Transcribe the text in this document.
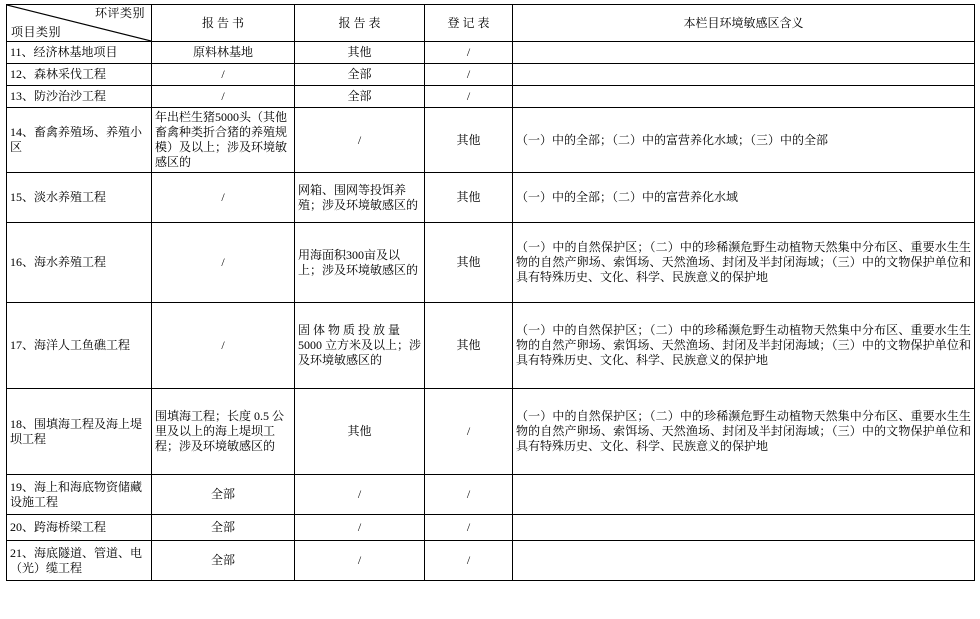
环评类别
项目类别	报 告 书	报 告 表	登 记 表	本栏目环境敏感区含义
11、经济林基地项目	原料林基地	其他	/	
12、森林采伐工程	/	全部	/	
13、防沙治沙工程	/	全部	/	
14、畜禽养殖场、养殖小区	年出栏生猪5000头（其他畜禽种类折合猪的养殖规模）及以上；涉及环境敏感区的	/	其他	（一）中的全部；（二）中的富营养化水域；（三）中的全部
15、淡水养殖工程	/	网箱、围网等投饵养殖；涉及环境敏感区的	其他	（一）中的全部；（二）中的富营养化水域
16、海水养殖工程	/	用海面积300亩及以上；涉及环境敏感区的	其他	（一）中的自然保护区；（二）中的珍稀濒危野生动植物天然集中分布区、重要水生生物的自然产卵场、索饵场、天然渔场、封闭及半封闭海域；（三）中的文物保护单位和具有特殊历史、文化、科学、民族意义的保护地
17、海洋人工鱼礁工程	/	固 体 物 质 投 放 量 5000 立方米及以上；涉及环境敏感区的	其他	（一）中的自然保护区；（二）中的珍稀濒危野生动植物天然集中分布区、重要水生生物的自然产卵场、索饵场、天然渔场、封闭及半封闭海域；（三）中的文物保护单位和具有特殊历史、文化、科学、民族意义的保护地
18、围填海工程及海上堤坝工程	围填海工程；长度 0.5 公里及以上的海上堤坝工程；涉及环境敏感区的	其他	/	（一）中的自然保护区；（二）中的珍稀濒危野生动植物天然集中分布区、重要水生生物的自然产卵场、索饵场、天然渔场、封闭及半封闭海域；（三）中的文物保护单位和具有特殊历史、文化、科学、民族意义的保护地
19、海上和海底物资储藏设施工程	全部	/	/	
20、跨海桥梁工程	全部	/	/	
21、海底隧道、管道、电（光）缆工程	全部	/	/	
